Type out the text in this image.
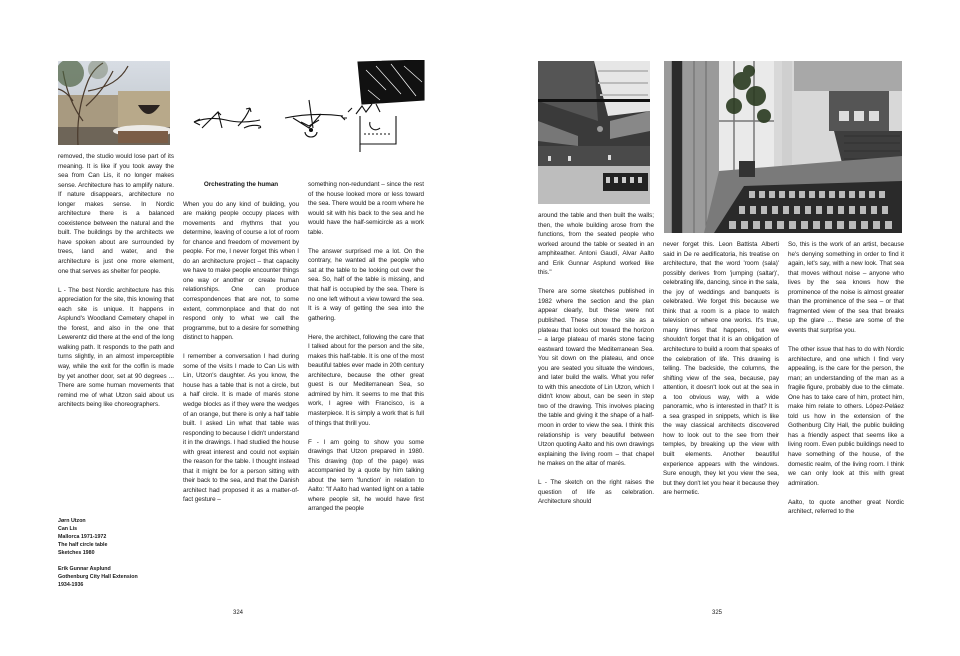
removed, the studio would lose part of its meaning. It is like if you took away the sea from Can Lis, it no longer makes sense. Architecture has to amplify nature. If nature disappears, architecture no longer makes sense. In Nordic architecture there is a balanced coexistence between the natural and the built. The buildings by the architects we have spoken about are surrounded by trees, land and water, and the architecture is just one more element, one that serves as shelter for people.

L - The best Nordic architecture has this appreciation for the site, this knowing that each site is unique. It happens in Asplund's Woodland Cemetery chapel in the forest, and also in the one that Lewerentz did there at the end of the long walking path. It responds to the path and turns slightly, in an almost imperceptible way, while the exit for the coffin is made by yet another door, set at 90 degrees ... There are some human movements that remind me of what Utzon said about us architects being like choreographers.

Jørn Utzon
Can Lis
Mallorca 1971-1972
The half circle table
Sketches 1980

Erik Gunnar Asplund
Gothenburg City Hall Extension
1934-1936

Orchestrating the human

When you do any kind of building, you are making people occupy places with movements and rhythms that you determine, leaving of course a lot of room for chance and freedom of movement by people. For me, I never forget this when I do an architecture project – that capacity we have to make people encounter things one way or another or create human relationships. One can produce correspondences that are not, to some extent, commonplace and that do not respond only to what we call the programme, but to a desire for something distinct to happen.

I remember a conversation I had during some of the visits I made to Can Lis with Lin, Utzon's daughter. As you know, the house has a table that is not a circle, but a half circle. It is made of marés stone wedge blocks as if they were the wedges of an orange, but there is only a half table built. I asked Lin what that table was responding to because I didn't understand it in the drawings. I had studied the house with great interest and could not explain the reason for the table. I thought instead that it might be for a person sitting with their back to the sea, and that the Danish architect had proposed it as a matter-of-fact gesture –

something non-redundant – since the rest of the house looked more or less toward the sea. There would be a room where he would sit with his back to the sea and he would have the half-semicircle as a work table.

The answer surprised me a lot. On the contrary, he wanted all the people who sat at the table to be looking out over the sea. So, half of the table is missing, and that half is occupied by the sea. There is no one left without a view toward the sea. It is a way of getting the sea into the gathering.

Here, the architect, following the care that I talked about for the person and the site, makes this half-table. It is one of the most beautiful tables ever made in 20th century architecture, because the other great guest is our Mediterranean Sea, so admired by him. It seems to me that this work, I agree with Francisco, is a masterpiece. It is simply a work that is full of things that thrill you.

F - I am going to show you some drawings that Utzon prepared in 1980. This drawing (top of the page) was accompanied by a quote by him talking about the term 'function' in relation to Aalto: "If Aalto had wanted light on a table where people sit, he would have first arranged the people

324

around the table and then built the walls; then, the whole building arose from the functions, from the seated people who worked around the table or seated in an amphiteather. Antoni Gaudí, Alvar Aalto and Erik Gunnar Asplund worked like this."

There are some sketches published in 1982 where the section and the plan appear clearly, but these were not published. These show the site as a plateau that looks out toward the horizon – a large plateau of marés stone facing eastward toward the Mediterranean Sea. You sit down on the plateau, and once you are seated you situate the windows, and later build the walls. What you refer to with this anecdote of Lin Utzon, which I didn't know about, can be seen in step two of the drawing. This involves placing the table and giving it the shape of a half-moon in order to view the sea. I think this relationship is very beautiful between Utzon quoting Aalto and his own drawings explaining the living room – that chapel he makes on the altar of marés.

L - The sketch on the right raises the question of life as celebration. Architecture should

never forget this. Leon Battista Alberti said in De re aedificatoria, his treatise on architecture, that the word 'room (sala)' possibly derives from 'jumping (saltar)', celebrating life, dancing, since in the sala, the joy of weddings and banquets is celebrated. We forget this because we think that a room is a place to watch television or where one works. It's true, many times that happens, but we shouldn't forget that it is an obligation of architecture to build a room that speaks of the celebration of life. This drawing is telling. The backside, the columns, the shifting view of the sea, because, pay attention, it doesn't look out at the sea in a too obvious way, with a wide panoramic, who is interested in that? It is a sea grasped in snippets, which is like the way classical architects discovered how to look out to the see from their temples, by breaking up the view with built elements. Another beautiful experience appears with the windows. Sure enough, they let you view the sea, but they don't let you hear it because they are hermetic.

So, this is the work of an artist, because he's denying something in order to find it again, let's say, with a new look. That sea that moves without noise – anyone who lives by the sea knows how the prominence of the noise is almost greater than the prominence of the sea – or that fragmented view of the sea that breaks up the glare ... these are some of the events that surprise you.

The other issue that has to do with Nordic architecture, and one which I find very appealing, is the care for the person, the man; an understanding of the man as a fragile figure, probably due to the climate. One has to take care of him, protect him, make him relate to others. López-Peláez told us how in the extension of the Gothenburg City Hall, the public building has a friendly aspect that seems like a living room. Even public buildings need to have something of the house, of the domestic realm, of the living room. I think we can only look at this with great admiration.

Aalto, to quote another great Nordic architect, referred to the

325
